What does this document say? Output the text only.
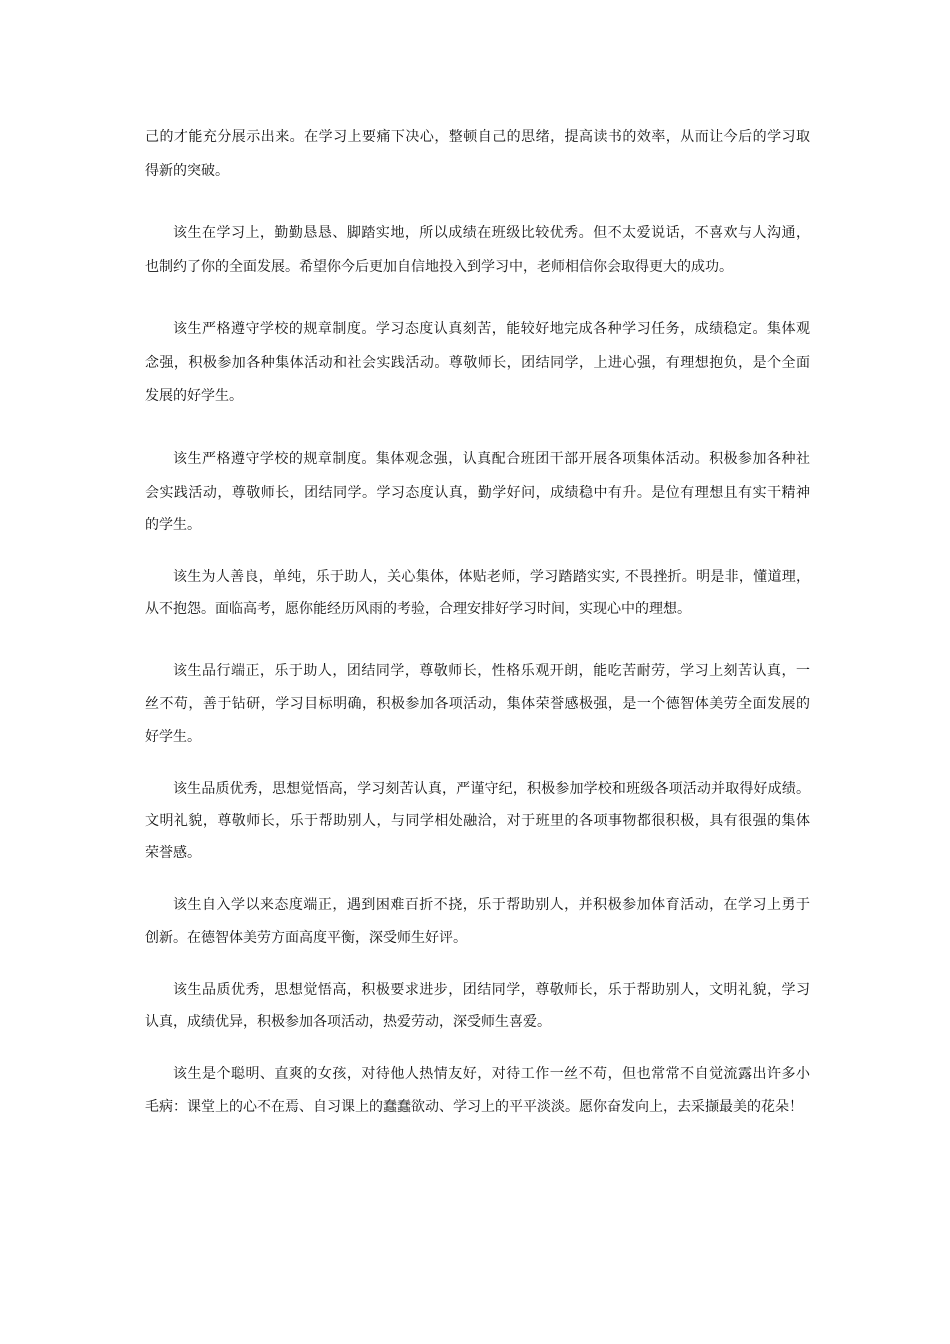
己的才能充分展示出来。在学习上要痛下决心，整顿自己的思绪，提高读书的效率，从而让今后的学习取
得新的突破。
该生在学习上，勤勤恳恳、脚踏实地，所以成绩在班级比较优秀。但不太爱说话，不喜欢与人沟通，
也制约了你的全面发展。希望你今后更加自信地投入到学习中，老师相信你会取得更大的成功。
该生严格遵守学校的规章制度。学习态度认真刻苦，能较好地完成各种学习任务，成绩稳定。集体观
念强，积极参加各种集体活动和社会实践活动。尊敬师长，团结同学，上进心强，有理想抱负，是个全面
发展的好学生。
该生严格遵守学校的规章制度。集体观念强，认真配合班团干部开展各项集体活动。积极参加各种社
会实践活动，尊敬师长，团结同学。学习态度认真，勤学好问，成绩稳中有升。是位有理想且有实干精神
的学生。
该生为人善良，单纯，乐于助人，关心集体，体贴老师，学习踏踏实实, 不畏挫折。明是非，懂道理，
从不抱怨。面临高考，愿你能经历风雨的考验，合理安排好学习时间，实现心中的理想。
该生品行端正，乐于助人，团结同学，尊敬师长，性格乐观开朗，能吃苦耐劳，学习上刻苦认真，一
丝不苟，善于钻研，学习目标明确，积极参加各项活动，集体荣誉感极强，是一个德智体美劳全面发展的
好学生。
该生品质优秀，思想觉悟高，学习刻苦认真，严谨守纪，积极参加学校和班级各项活动并取得好成绩。
文明礼貌，尊敬师长，乐于帮助别人，与同学相处融洽，对于班里的各项事物都很积极，具有很强的集体
荣誉感。
该生自入学以来态度端正，遇到困难百折不挠，乐于帮助别人，并积极参加体育活动，在学习上勇于
创新。在德智体美劳方面高度平衡，深受师生好评。
该生品质优秀，思想觉悟高，积极要求进步，团结同学，尊敬师长，乐于帮助别人，文明礼貌，学习
认真，成绩优异，积极参加各项活动，热爱劳动，深受师生喜爱。
该生是个聪明、直爽的女孩，对待他人热情友好，对待工作一丝不苟，但也常常不自觉流露出许多小
毛病：课堂上的心不在焉、自习课上的蠢蠢欲动、学习上的平平淡淡。愿你奋发向上，去采撷最美的花朵！
